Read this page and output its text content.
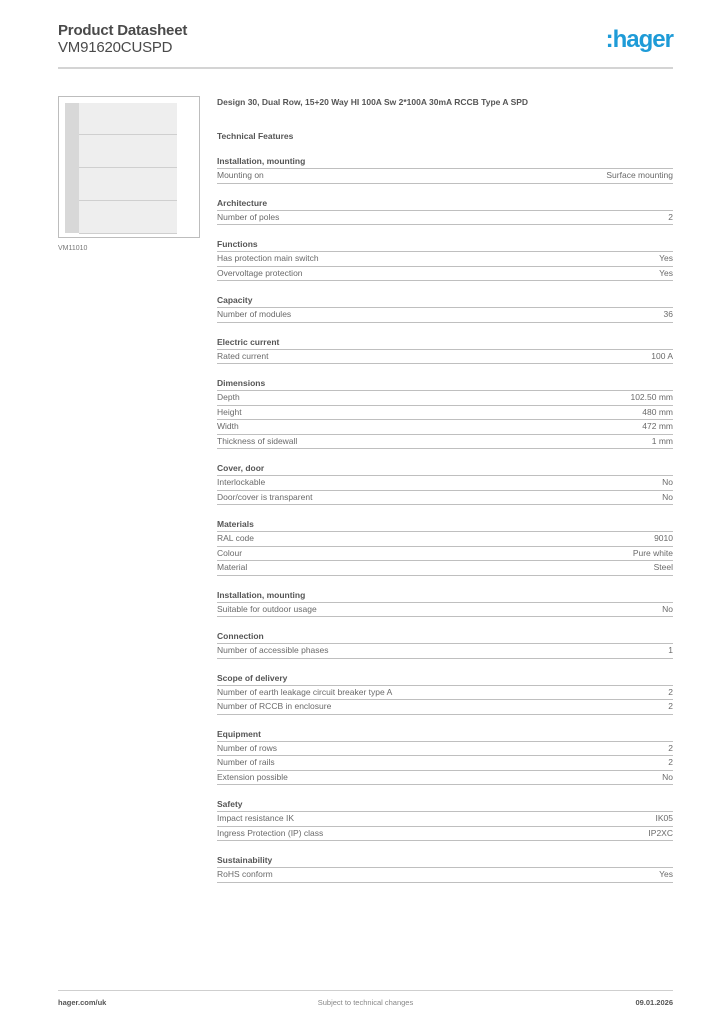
Product Datasheet
VM91620CUSPD	:hager
VM11010
Design 30, Dual Row, 15+20 Way HI 100A Sw 2*100A 30mA RCCB Type A SPD
Technical Features
Installation, mounting
Mounting on	Surface mounting
Architecture
Number of poles	2
Functions
Has protection main switch	Yes
Overvoltage protection	Yes
Capacity
Number of modules	36
Electric current
Rated current	100 A
Dimensions
Depth	102.50 mm
Height	480 mm
Width	472 mm
Thickness of sidewall	1 mm
Cover, door
Interlockable	No
Door/cover is transparent	No
Materials
RAL code	9010
Colour	Pure white
Material	Steel
Installation, mounting
Suitable for outdoor usage	No
Connection
Number of accessible phases	1
Scope of delivery
Number of earth leakage circuit breaker type A	2
Number of RCCB in enclosure	2
Equipment
Number of rows	2
Number of rails	2
Extension possible	No
Safety
Impact resistance IK	IK05
Ingress Protection (IP) class	IP2XC
Sustainability
RoHS conform	Yes
hager.com/uk	Subject to technical changes	09.01.2026
